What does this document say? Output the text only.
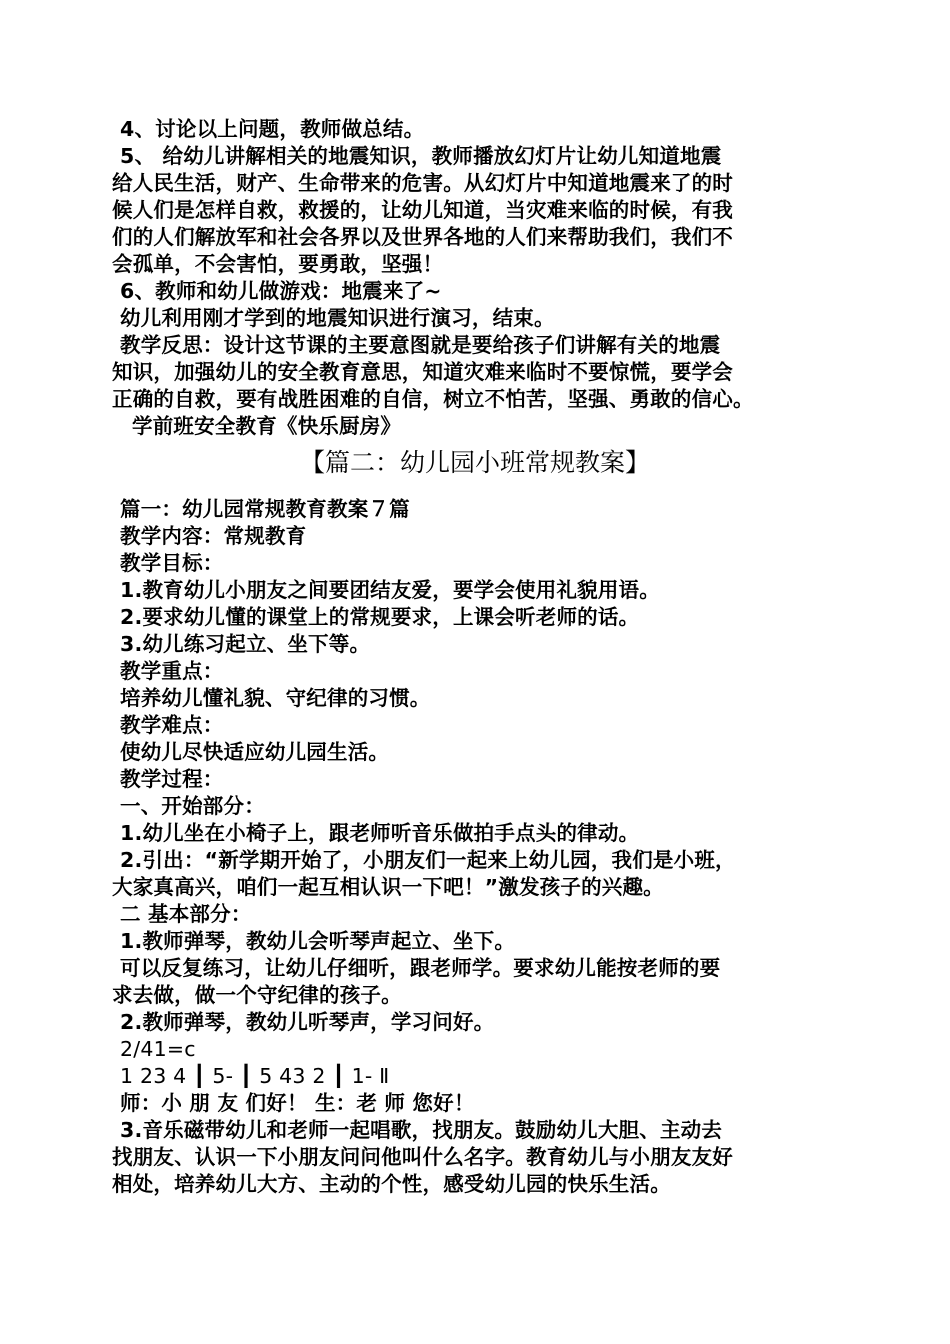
4、讨论以上问题，教师做总结。
5、 给幼儿讲解相关的地震知识，教师播放幻灯片让幼儿知道地震
给人民生活，财产、生命带来的危害。从幻灯片中知道地震来了的时
候人们是怎样自救，救援的，让幼儿知道，当灾难来临的时候，有我
们的人们解放军和社会各界以及世界各地的人们来帮助我们，我们不
会孤单，不会害怕，要勇敢，坚强！
6、教师和幼儿做游戏：地震来了~
幼儿利用刚才学到的地震知识进行演习，结束。
教学反思：设计这节课的主要意图就是要给孩子们讲解有关的地震
知识，加强幼儿的安全教育意思，知道灾难来临时不要惊慌，要学会
正确的自救，要有战胜困难的自信，树立不怕苦，坚强、勇敢的信心。
学前班安全教育《快乐厨房》
【篇二：幼儿园小班常规教案】
篇一：幼儿园常规教育教案７篇
教学内容：常规教育
教学目标：
1.教育幼儿小朋友之间要团结友爱，要学会使用礼貌用语。
2.要求幼儿懂的课堂上的常规要求，上课会听老师的话。
3.幼儿练习起立、坐下等。
教学重点：
培养幼儿懂礼貌、守纪律的习惯。
教学难点：
使幼儿尽快适应幼儿园生活。
教学过程：
一、开始部分：
1.幼儿坐在小椅子上，跟老师听音乐做拍手点头的律动。
2.引出：“新学期开始了，小朋友们一起来上幼儿园，我们是小班，
大家真高兴，咱们一起互相认识一下吧！”激发孩子的兴趣。
二 基本部分：
1.教师弹琴，教幼儿会听琴声起立、坐下。
可以反复练习，让幼儿仔细听，跟老师学。要求幼儿能按老师的要
求去做，做一个守纪律的孩子。
2.教师弹琴，教幼儿听琴声，学习问好。
2/41=c
1 23 4 ┃ 5- ┃ 5 43 2 ┃ 1- Ⅱ
师：小 朋 友 们好！ 生：老 师 您好！
3.音乐磁带幼儿和老师一起唱歌，找朋友。鼓励幼儿大胆、主动去
找朋友、认识一下小朋友问问他叫什么名字。教育幼儿与小朋友友好
相处，培养幼儿大方、主动的个性，感受幼儿园的快乐生活。
